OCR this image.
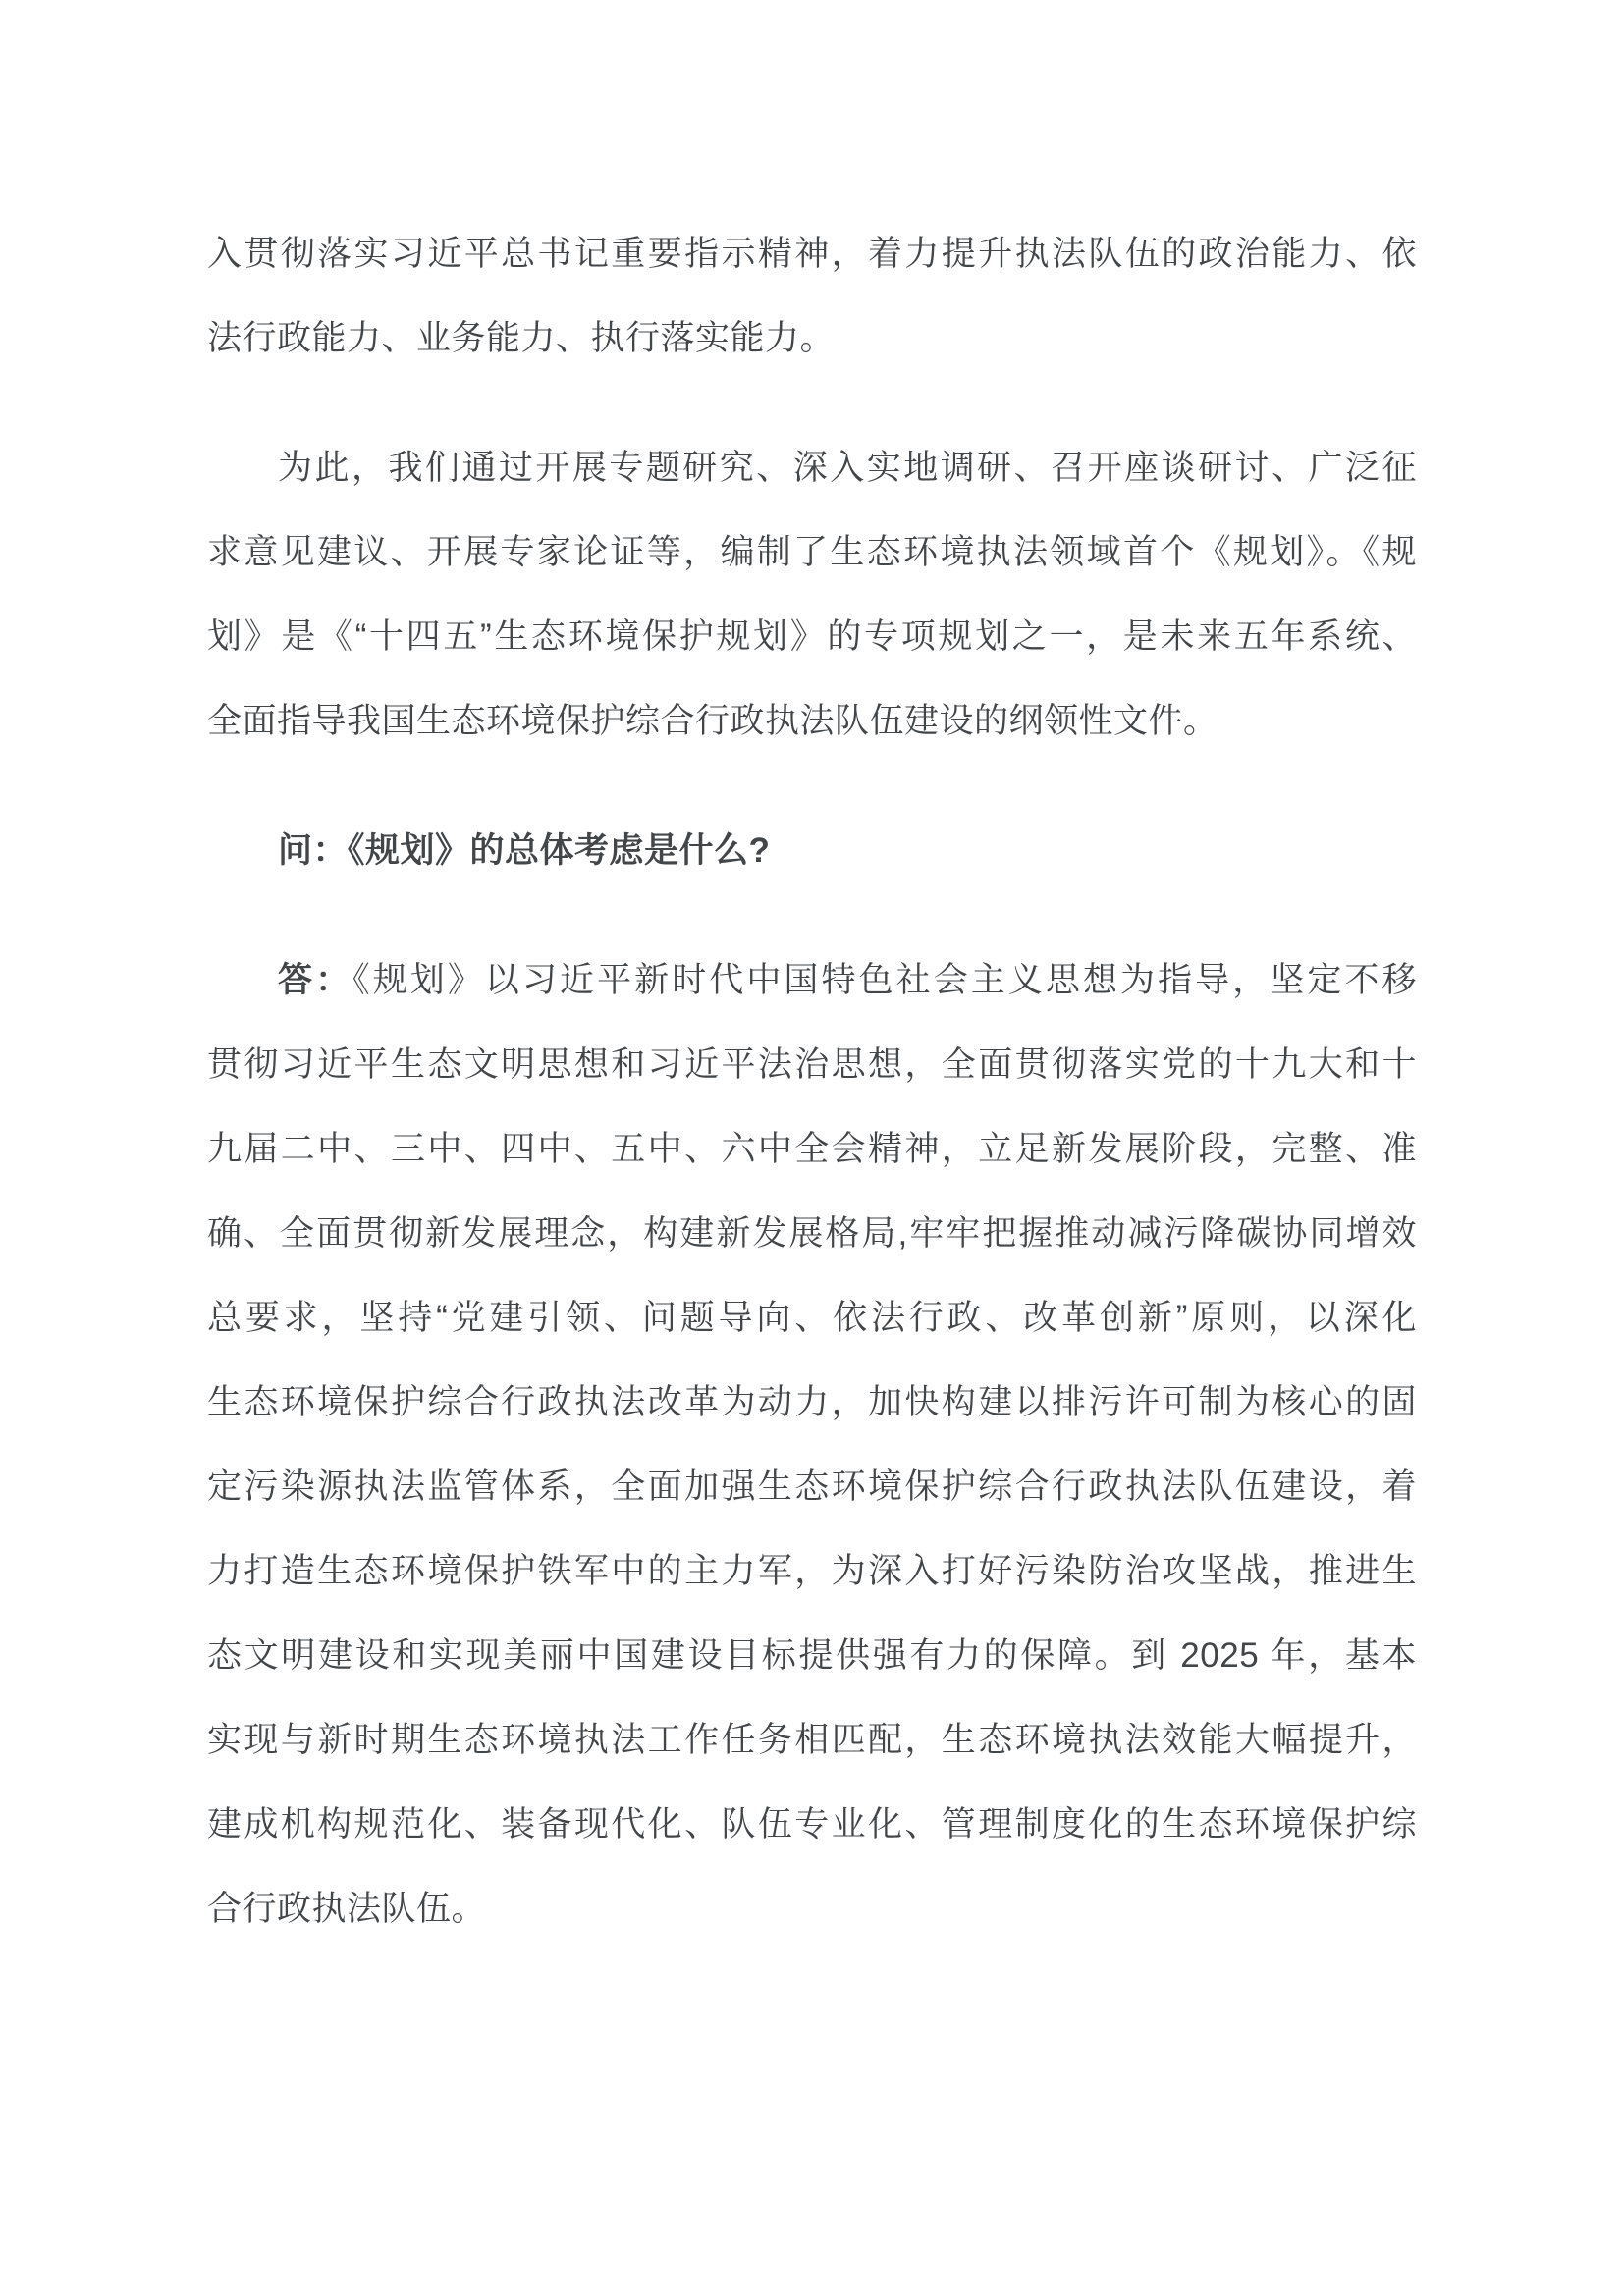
入贯彻落实习近平总书记重要指示精神，着力提升执法队伍的政治能力、依
法行政能力、业务能力、执行落实能力。
为此，我们通过开展专题研究、深入实地调研、召开座谈研讨、广泛征
求意见建议、开展专家论证等，编制了生态环境执法领域首个《规划》。《规
划》是《“十四五”生态环境保护规划》的专项规划之一，是未来五年系统、
全面指导我国生态环境保护综合行政执法队伍建设的纲领性文件。
问：《规划》的总体考虑是什么?
答：《规划》以习近平新时代中国特色社会主义思想为指导，坚定不移
贯彻习近平生态文明思想和习近平法治思想，全面贯彻落实党的十九大和十
九届二中、三中、四中、五中、六中全会精神，立足新发展阶段，完整、准
确、全面贯彻新发展理念，构建新发展格局,牢牢把握推动减污降碳协同增效
总要求，坚持“党建引领、问题导向、依法行政、改革创新”原则，以深化
生态环境保护综合行政执法改革为动力，加快构建以排污许可制为核心的固
定污染源执法监管体系，全面加强生态环境保护综合行政执法队伍建设，着
力打造生态环境保护铁军中的主力军，为深入打好污染防治攻坚战，推进生
态文明建设和实现美丽中国建设目标提供强有力的保障。到 2025 年，基本
实现与新时期生态环境执法工作任务相匹配，生态环境执法效能大幅提升，
建成机构规范化、装备现代化、队伍专业化、管理制度化的生态环境保护综
合行政执法队伍。
